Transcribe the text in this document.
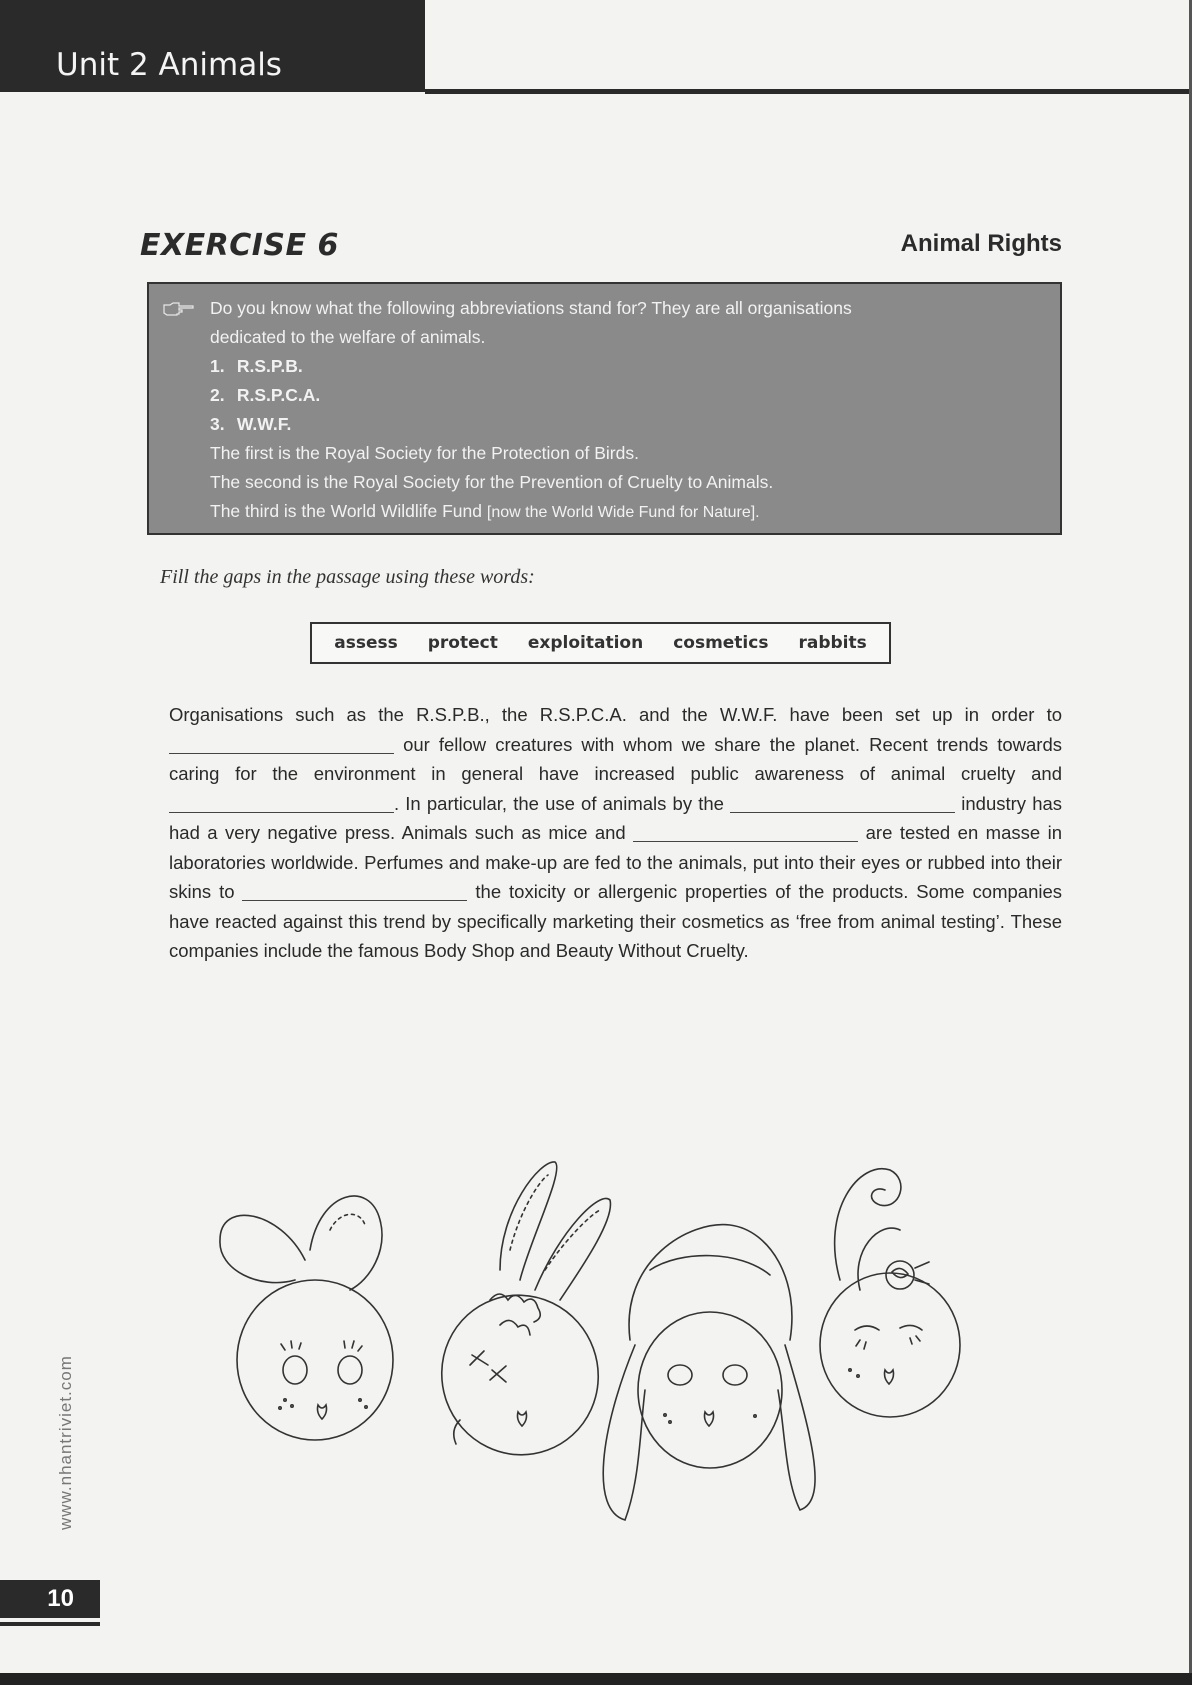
Unit 2 Animals
EXERCISE 6	Animal Rights

Do you know what the following abbreviations stand for? They are all organisations

dedicated to the welfare of animals.

1. R.S.P.B.

2. R.S.P.C.A.

3. W.W.F.

The first is the Royal Society for the Protection of Birds.

The second is the Royal Society for the Prevention of Cruelty to Animals.

The third is the World Wildlife Fund [now the World Wide Fund for Nature].

Fill the gaps in the passage using these words:
assess protect exploitation cosmetics rabbits
Organisations such as the R.S.P.B., the R.S.P.C.A. and the W.W.F. have been set up in order to  our fellow creatures with whom we share the planet. Recent trends towards caring for the environment in general have increased public awareness of animal cruelty and . In particular, the use of animals by the	industry has had a very negative press. Animals such as mice and	are tested en masse in laboratories worldwide. Perfumes and make-up are fed to the animals, put into their eyes or rubbed into their skins to	the toxicity or allergenic properties of the products. Some companies have reacted against this trend by specifically marketing their cosmetics as ‘free from animal testing’. These companies include the famous Body Shop and Beauty Without Cruelty.
www.nhantriviet.com
10
